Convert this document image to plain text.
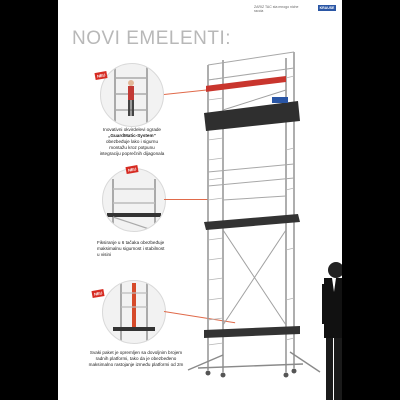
ZARIZ TAC sta mnogo niche raccia
KRAUSE
NOVI EMELENTI:
NEU
Inovativni okvirdelevi ograde
„GuardMatic-System“
obezbeđuje lako i sigurnu
montažu kroz potpunu
integraciju poprečnih dijagonala
NEU
Fiksiranje u 6 tačaka obezbeđuje
maksimalnu sigurnost i stabilnost
u visini
NEU
Svaki paket je opremljen sa dovoljnim brojem
radnih platformi, tako da je obezbeđeno
maksimalno rastojanje između platformi od 2m
